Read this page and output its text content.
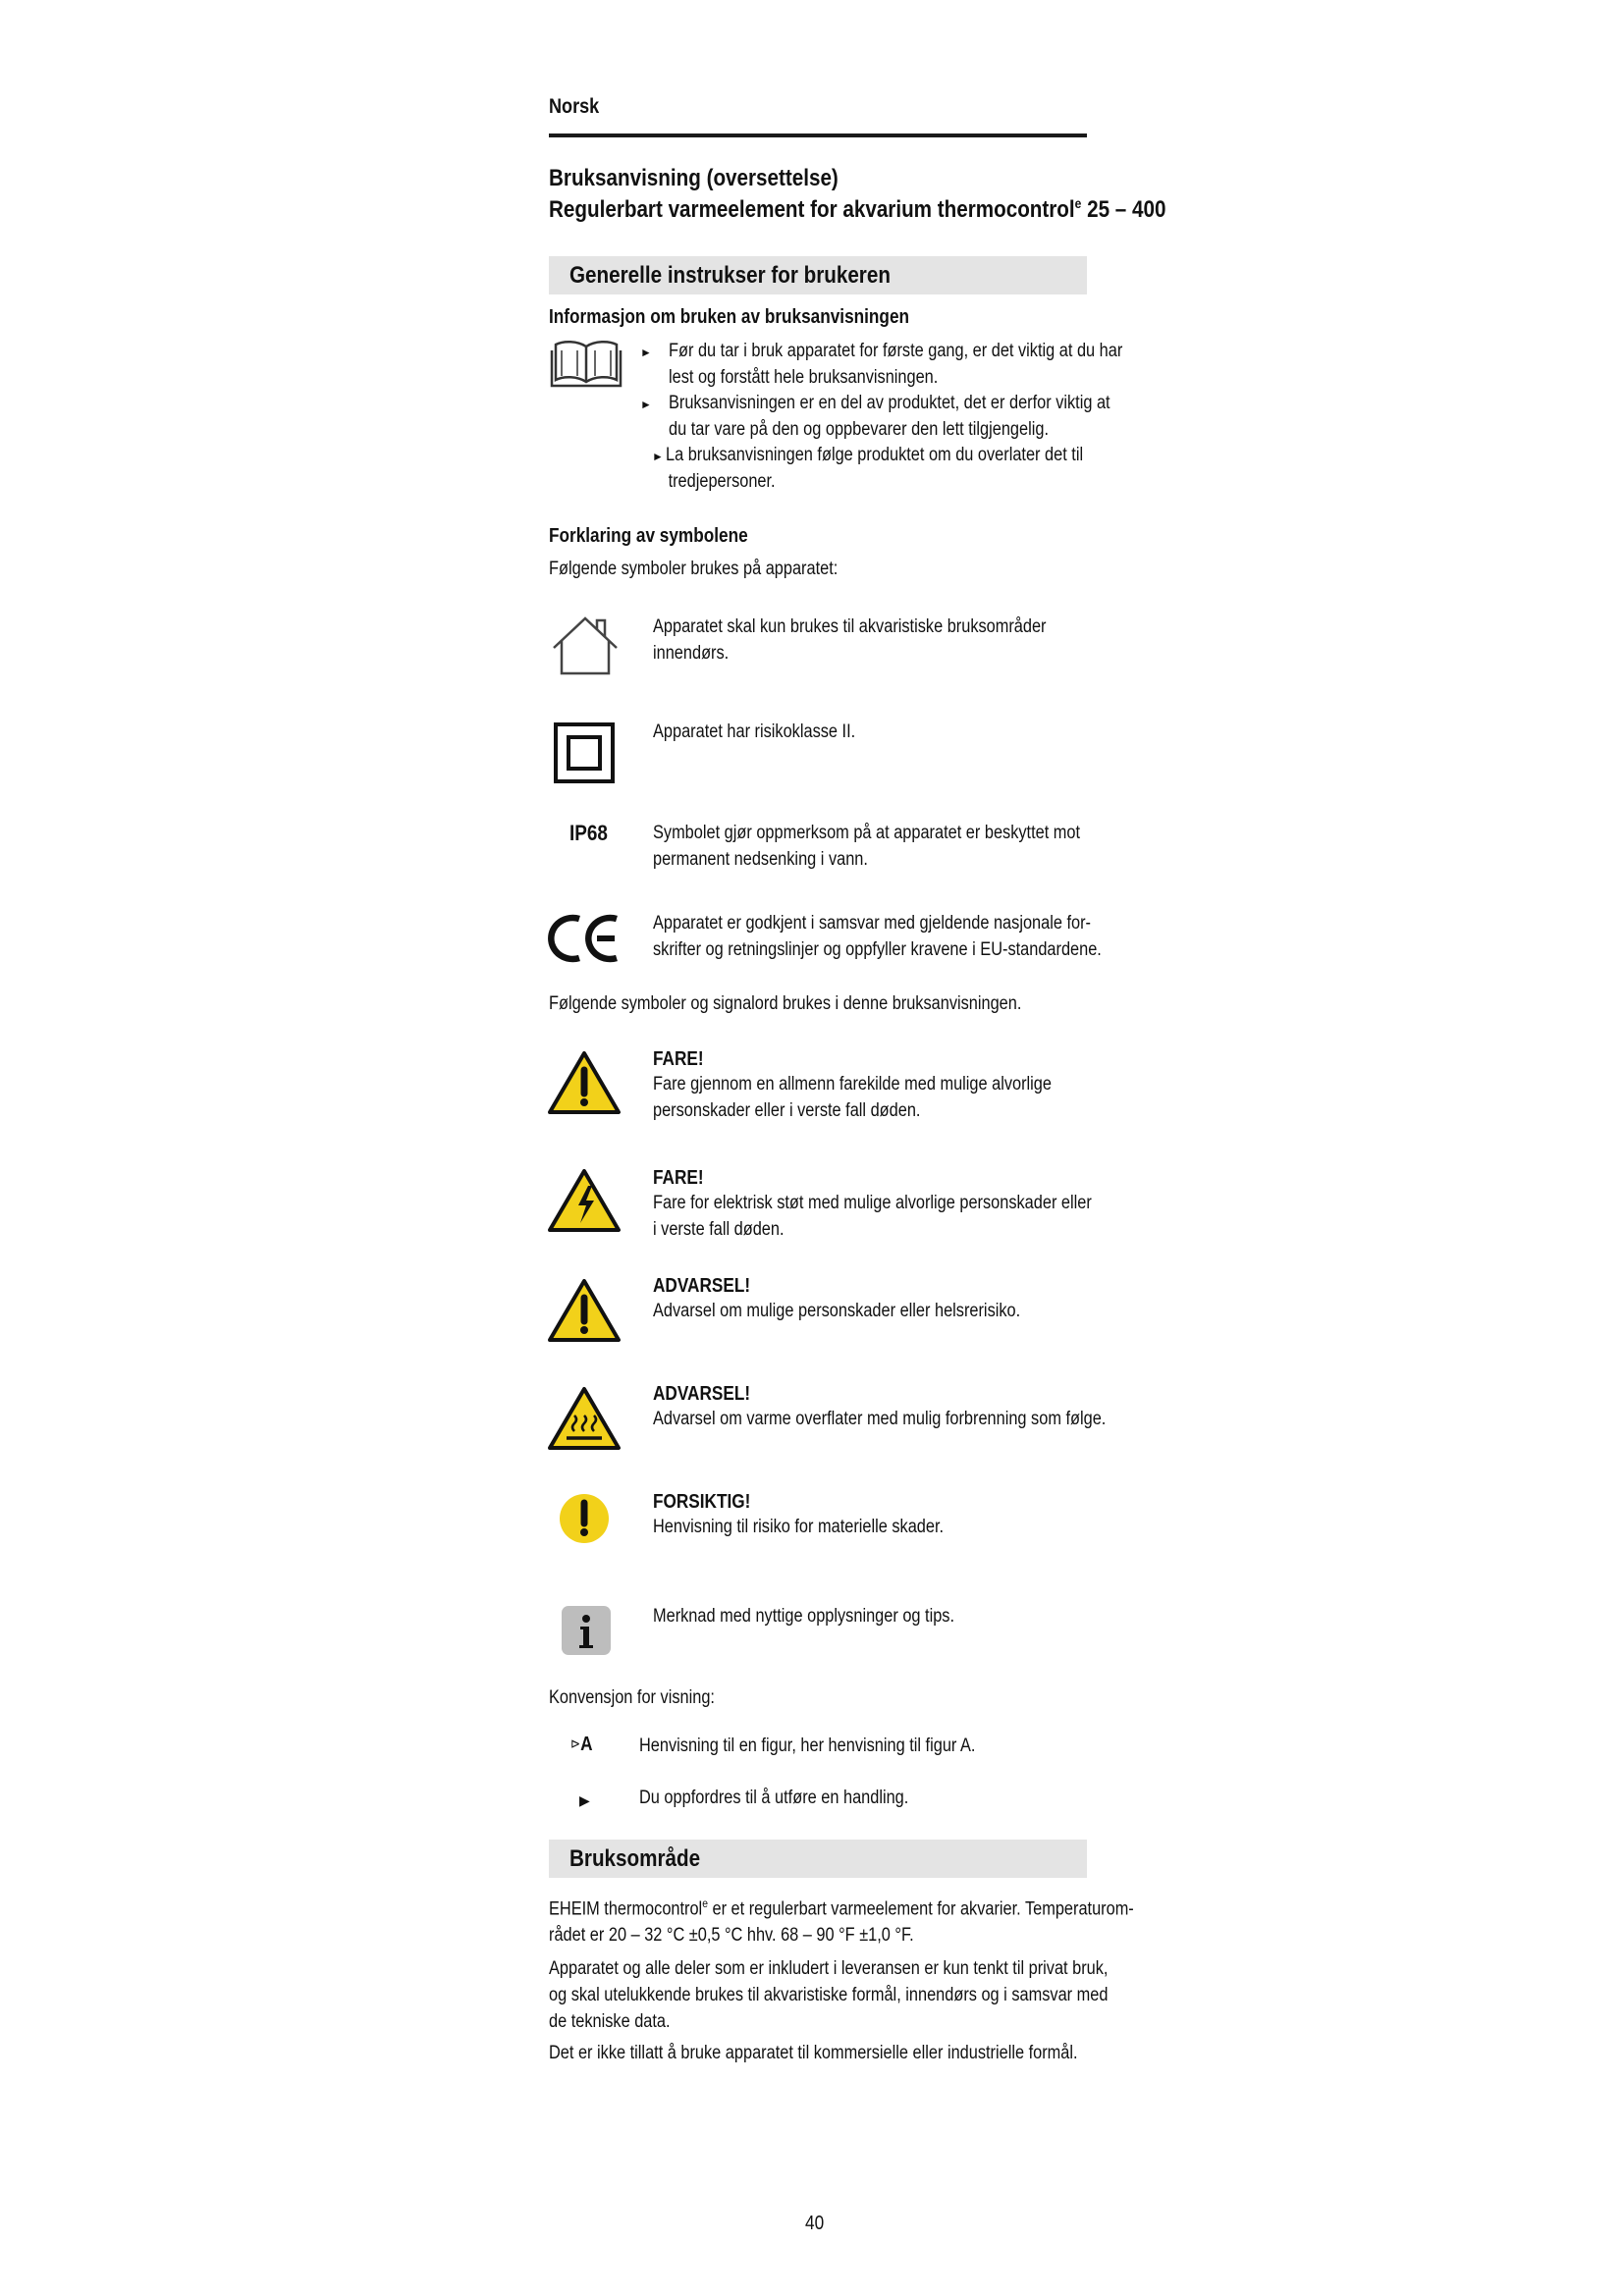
Norsk
Bruksanvisning (oversettelse)
Regulerbart varmeelement for akvarium thermocontrol$^e$ 25 – 400
Generelle instrukser for brukeren
Informasjon om bruken av bruksanvisningen
► Før du tar i bruk apparatet for første gang, er det viktig at du har
lest og forstått hele bruksanvisningen.
► Bruksanvisningen er en del av produktet, det er derfor viktig at
du tar vare på den og oppbevarer den lett tilgjengelig.
► La bruksanvisningen følge produktet om du overlater det til
tredjepersoner.
Forklaring av symbolene
Følgende symboler brukes på apparatet:
Apparatet skal kun brukes til akvaristiske bruksområder
innendørs.
Apparatet har risikoklasse II.
IP68 Symbolet gjør oppmerksom på at apparatet er beskyttet mot
permanent nedsenking i vann.
Apparatet er godkjent i samsvar med gjeldende nasjonale for-
skrifter og retningslinjer og oppfyller kravene i EU-standardene.
Følgende symboler og signalord brukes i denne bruksanvisningen.
FARE!
Fare gjennom en allmenn farekilde med mulige alvorlige
personskader eller i verste fall døden.
FARE!
Fare for elektrisk støt med mulige alvorlige personskader eller
i verste fall døden.
ADVARSEL!
Advarsel om mulige personskader eller helsrerisiko.
ADVARSEL!
Advarsel om varme overflater med mulig forbrenning som følge.
FORSIKTIG!
Henvisning til risiko for materielle skader.
Merknad med nyttige opplysninger og tips.
Konvensjon for visning:
⊳A Henvisning til en figur, her henvisning til figur A.
▶	Du oppfordres til å utføre en handling.
Bruksområde
EHEIM thermocontrol$^e$ er et regulerbart varmeelement for akvarier. Temperaturom-
rådet er 20 – 32 °C ±0,5 °C hhv. 68 – 90 °F ±1,0 °F.
Apparatet og alle deler som er inkludert i leveransen er kun tenkt til privat bruk,
og skal utelukkende brukes til akvaristiske formål, innendørs og i samsvar med
de tekniske data.
Det er ikke tillatt å bruke apparatet til kommersielle eller industrielle formål.
40
